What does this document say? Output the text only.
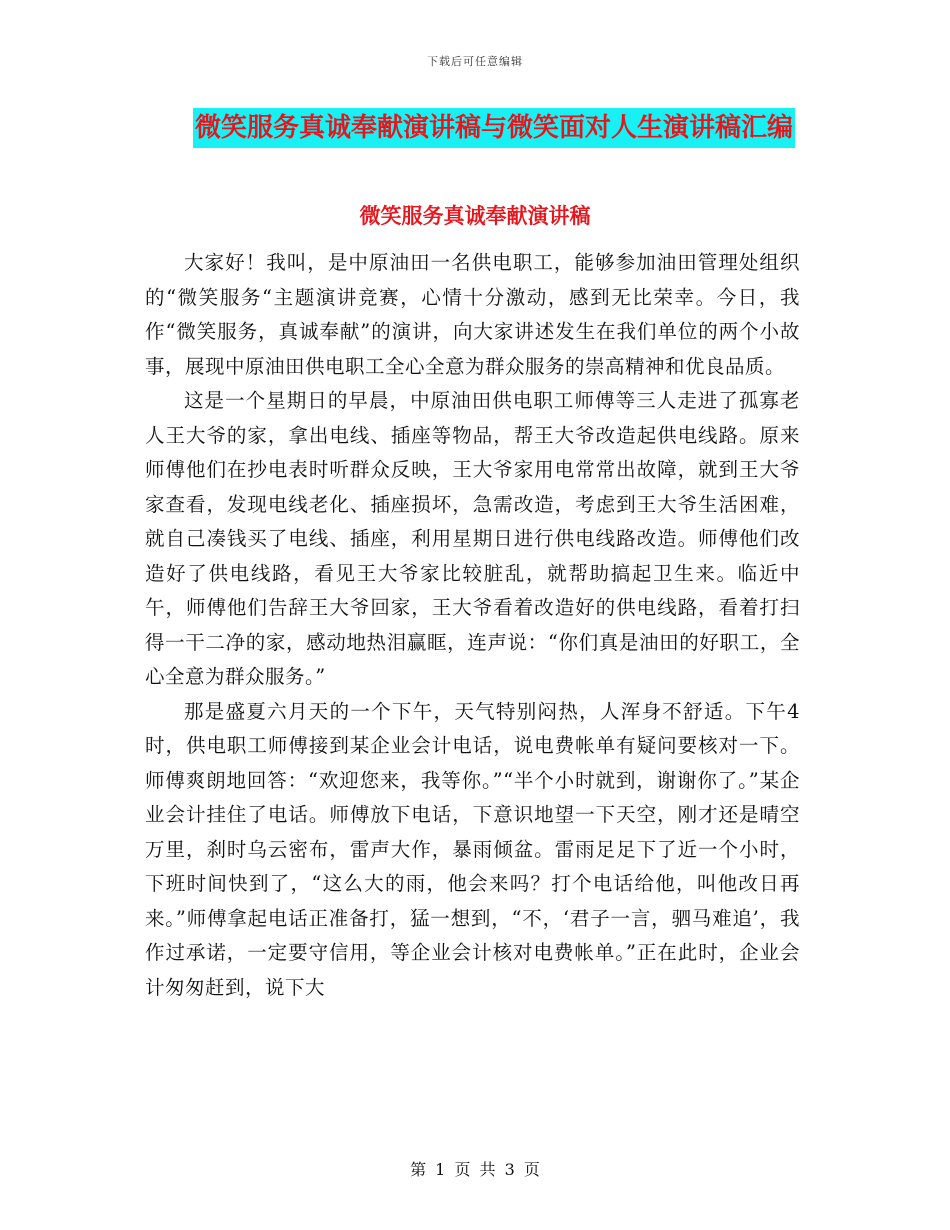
下载后可任意编辑
微笑服务真诚奉献演讲稿与微笑面对人生演讲稿汇编
微笑服务真诚奉献演讲稿

大家好！我叫，是中原油田一名供电职工，能够参加油田管理处组织的“微笑服务“主题演讲竞赛，心情十分激动，感到无比荣幸。今日，我作“微笑服务，真诚奉献”的演讲，向大家讲述发生在我们单位的两个小故事，展现中原油田供电职工全心全意为群众服务的崇高精神和优良品质。

这是一个星期日的早晨，中原油田供电职工师傅等三人走进了孤寡老人王大爷的家，拿出电线、插座等物品，帮王大爷改造起供电线路。原来师傅他们在抄电表时听群众反映，王大爷家用电常常出故障，就到王大爷家查看，发现电线老化、插座损坏，急需改造，考虑到王大爷生活困难，就自己凑钱买了电线、插座，利用星期日进行供电线路改造。师傅他们改造好了供电线路，看见王大爷家比较脏乱，就帮助搞起卫生来。临近中午，师傅他们告辞王大爷回家，王大爷看着改造好的供电线路，看着打扫得一干二净的家，感动地热泪赢眶，连声说：“你们真是油田的好职工，全心全意为群众服务。”

那是盛夏六月天的一个下午，天气特别闷热，人浑身不舒适。下午4时，供电职工师傅接到某企业会计电话，说电费帐单有疑问要核对一下。师傅爽朗地回答：“欢迎您来，我等你。”“半个小时就到，谢谢你了。”某企业会计挂住了电话。师傅放下电话，下意识地望一下天空，刚才还是晴空万里，刹时乌云密布，雷声大作，暴雨倾盆。雷雨足足下了近一个小时，下班时间快到了，“这么大的雨，他会来吗？打个电话给他，叫他改日再来。”师傅拿起电话正准备打，猛一想到，“不，‘君子一言，驷马难追’，我作过承诺，一定要守信用，等企业会计核对电费帐单。”正在此时，企业会计匆匆赶到，说下大

第 1 页 共 3 页
